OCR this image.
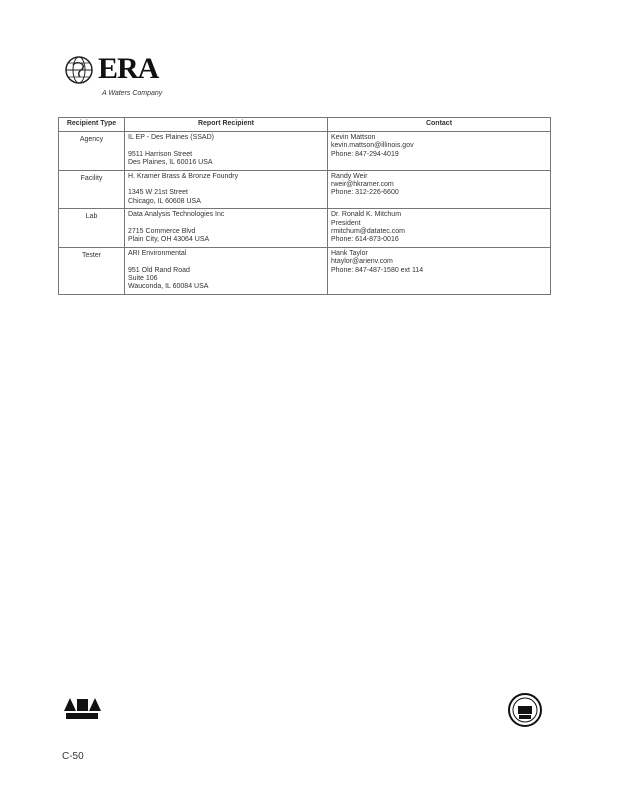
ERA
A Waters Company
Recipient Type	Report Recipient	Contact
Agency	IL EP - Des Plaines (SSAD)
9511 Harrison Street
Des Plaines, IL 60016 USA	Kevin Mattson
kevin.mattson@illinois.gov
Phone: 847-294-4019

Facility	H. Kramer Brass & Bronze Foundry
1345 W 21st Street
Chicago, IL 60608 USA	Randy Weir
rweir@hkramer.com
Phone: 312-226-6600

Lab	Data Analysis Technologies Inc
2715 Commerce Blvd
Plain City, OH 43064 USA	Dr. Ronald K. Mitchum
President
rmitchum@datatec.com
Phone: 614-873-0016

Tester	ARI Environmental
951 Old Rand Road
Suite 106
Wauconda, IL 60084 USA	Hank Taylor
htaylor@arienv.com
Phone: 847-487-1580 ext 114
C-50
